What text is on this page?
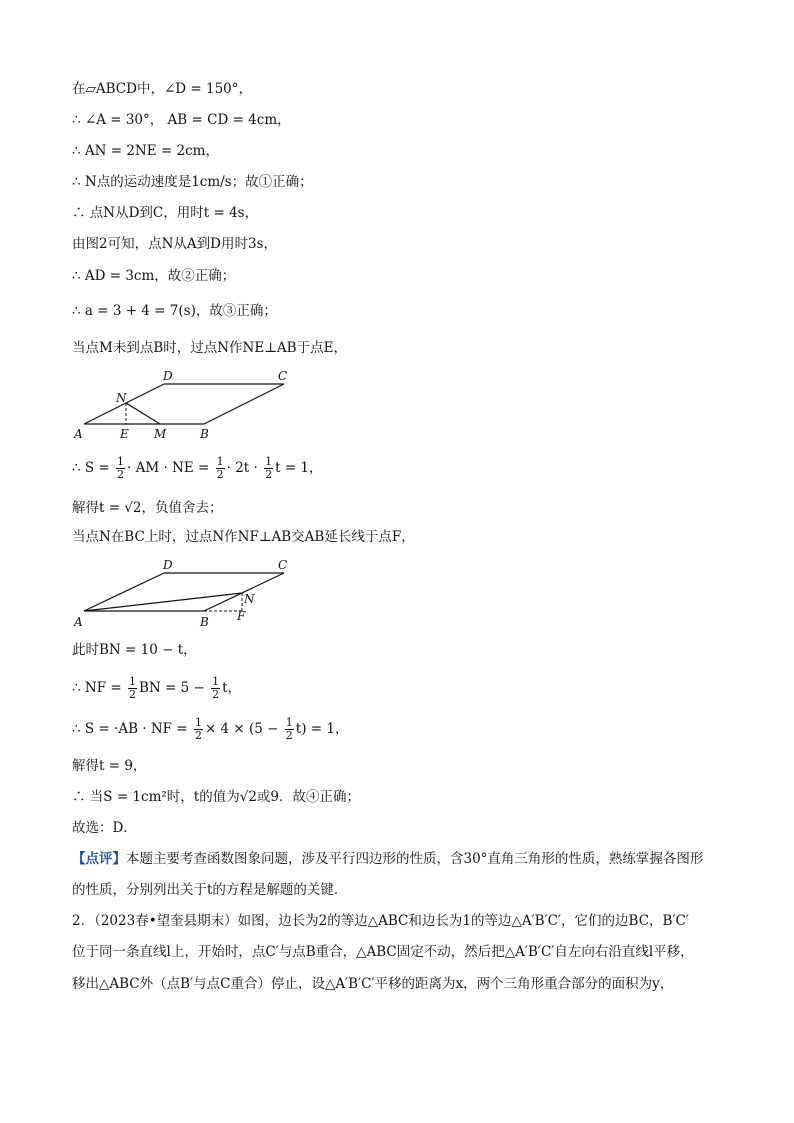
在▱ABCD中，∠D = 150°，
∴ ∠A = 30°， AB = CD = 4cm，
∴ AN = 2NE = 2cm，
∴ N点的运动速度是1cm/s；故①正确；
∴ 点N从D到C，用时t = 4s，
由图2可知，点N从A到D用时3s，
∴ AD = 3cm，故②正确；
∴ a = 3 + 4 = 7(s)，故③正确；
当点M未到点B时，过点N作NE⊥AB于点E，
A	B
C
D
E M
N
∴ $S = \frac{1}{2}$ · AM · NE = $\frac{1}{2} \cdot 2t \cdot \frac{1}{2}$ t = 1，
解得t = √2，负值舍去；
当点N在BC上时，过点N作NF⊥AB交AB延长线于点F，
A	B
C
D
N
F
此时BN = 10 − t，
∴ NF = $\frac{1}{2}$ BN = $5 - \frac{1}{2}$ t，
∴ S = ·AB · NF = $\frac{1}{2} \times 4 \times (5 - \frac{1}{2} t) = 1$，
解得t = 9，
∴ 当S = 1cm²时，t的值为√2或9．故④正确；
故选：D．
【点评】本题主要考查函数图象问题，涉及平行四边形的性质，含30°直角三角形的性质，熟练掌握各图形
的性质，分别列出关于t的方程是解题的关键．
2．（2023春•望奎县期末）如图，边长为2的等边△ABC和边长为1的等边△A′B′C′，它们的边BC，B′C′
位于同一条直线l上，开始时，点C′与点B重合，△ABC固定不动，然后把△A′B′C′自左向右沿直线l平移，
移出△ABC外（点B′与点C重合）停止，设△A′B′C′平移的距离为x，两个三角形重合部分的面积为y，
